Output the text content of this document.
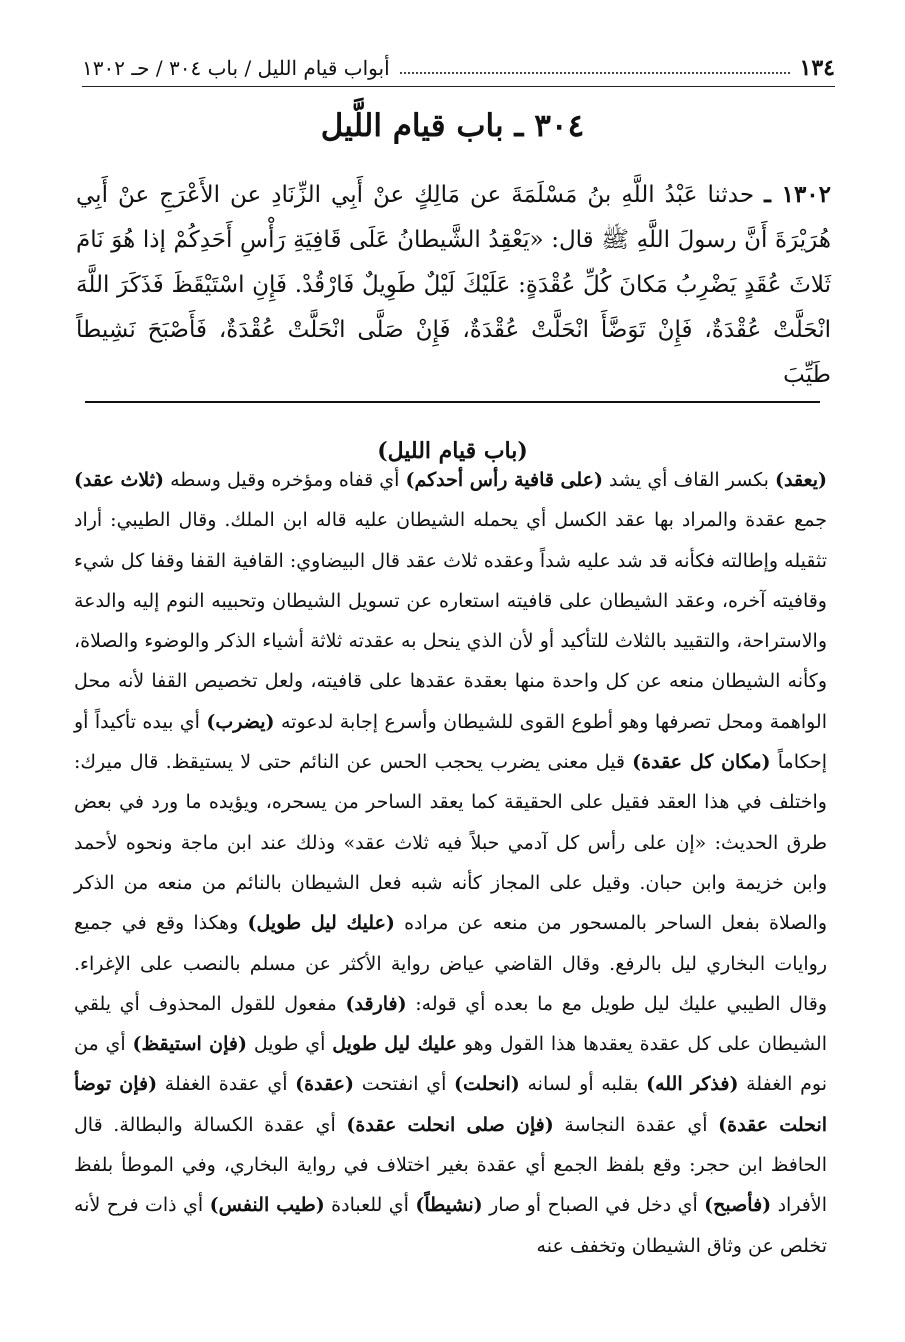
١٣٤
أبواب قيام الليل / باب ٣٠٤ / حـ ١٣٠٢
٣٠٤ ـ باب قيام اللَّيل
١٣٠٢ ـ حدثنا عَبْدُ اللَّهِ بنُ مَسْلَمَةَ عن مَالِكٍ عنْ أَبِي الزِّنَادِ عن الأَعْرَجِ عنْ أَبِي هُرَيْرَةَ أَنَّ رسولَ اللَّهِ ﷺ قال: «يَعْقِدُ الشَّيطانُ عَلَى قَافِيَةِ رَأْسِ أَحَدِكُمْ إذا هُوَ نَامَ ثَلاثَ عُقَدٍ يَضْرِبُ مَكانَ كُلِّ عُقْدَةٍ: عَلَيْكَ لَيْلٌ طَوِيلٌ فَارْقُدْ. فَإِنِ اسْتَيْقَظَ فَذَكَرَ اللَّهَ انْحَلَّتْ عُقْدَةٌ، فَإِنْ تَوَضَّأَ انْحَلَّتْ عُقْدَةٌ، فَإِنْ صَلَّى انْحَلَّتْ عُقْدَةٌ، فَأَصْبَحَ نَشِيطاً طَيِّبَ
(باب قيام الليل)
(يعقد) بكسر القاف أي يشد (على قافية رأس أحدكم) أي قفاه ومؤخره وقيل وسطه (ثلاث عقد) جمع عقدة والمراد بها عقد الكسل أي يحمله الشيطان عليه قاله ابن الملك. وقال الطيبي: أراد تثقيله وإطالته فكأنه قد شد عليه شداً وعقده ثلاث عقد قال البيضاوي: القافية القفا وقفا كل شيء وقافيته آخره، وعقد الشيطان على قافيته استعاره عن تسويل الشيطان وتحبيبه النوم إليه والدعة والاستراحة، والتقييد بالثلاث للتأكيد أو لأن الذي ينحل به عقدته ثلاثة أشياء الذكر والوضوء والصلاة، وكأنه الشيطان منعه عن كل واحدة منها بعقدة عقدها على قافيته، ولعل تخصيص القفا لأنه محل الواهمة ومحل تصرفها وهو أطوع القوى للشيطان وأسرع إجابة لدعوته (يضرب) أي بيده تأكيداً أو إحكاماً (مكان كل عقدة) قيل معنى يضرب يحجب الحس عن النائم حتى لا يستيقظ. قال ميرك: واختلف في هذا العقد فقيل على الحقيقة كما يعقد الساحر من يسحره، ويؤيده ما ورد في بعض طرق الحديث: «إن على رأس كل آدمي حبلاً فيه ثلاث عقد» وذلك عند ابن ماجة ونحوه لأحمد وابن خزيمة وابن حبان. وقيل على المجاز كأنه شبه فعل الشيطان بالنائم من منعه من الذكر والصلاة بفعل الساحر بالمسحور من منعه عن مراده (عليك ليل طويل) وهكذا وقع في جميع روايات البخاري ليل بالرفع. وقال القاضي عياض رواية الأكثر عن مسلم بالنصب على الإغراء. وقال الطيبي عليك ليل طويل مع ما بعده أي قوله: (فارقد) مفعول للقول المحذوف أي يلقي الشيطان على كل عقدة يعقدها هذا القول وهو عليك ليل طويل أي طويل (فإن استيقظ) أي من نوم الغفلة (فذكر الله) بقلبه أو لسانه (انحلت) أي انفتحت (عقدة) أي عقدة الغفلة (فإن توضأ انحلت عقدة) أي عقدة النجاسة (فإن صلى انحلت عقدة) أي عقدة الكسالة والبطالة. قال الحافظ ابن حجر: وقع بلفظ الجمع أي عقدة بغير اختلاف في رواية البخاري، وفي الموطأ بلفظ الأفراد (فأصبح) أي دخل في الصباح أو صار (نشيطاً) أي للعبادة (طيب النفس) أي ذات فرح لأنه تخلص عن وثاق الشيطان وتخفف عنه
